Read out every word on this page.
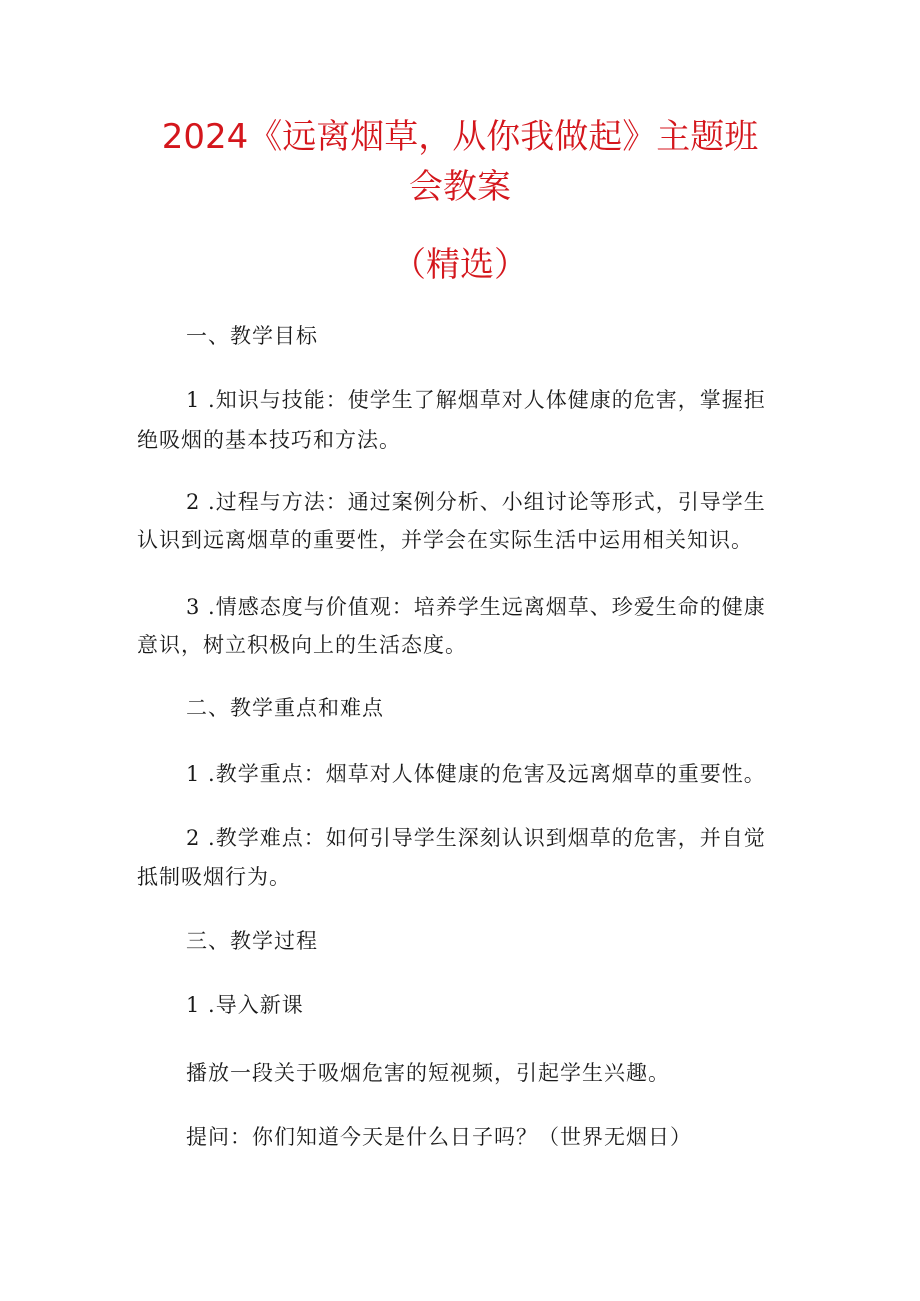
2024《远离烟草，从你我做起》主题班
会教案
（精选）
一、教学目标
1 .知识与技能：使学生了解烟草对人体健康的危害，掌握拒
绝吸烟的基本技巧和方法。
2 .过程与方法：通过案例分析、小组讨论等形式，引导学生
认识到远离烟草的重要性，并学会在实际生活中运用相关知识。
3 .情感态度与价值观：培养学生远离烟草、珍爱生命的健康
意识，树立积极向上的生活态度。
二、教学重点和难点
1 .教学重点：烟草对人体健康的危害及远离烟草的重要性。
2 .教学难点：如何引导学生深刻认识到烟草的危害，并自觉
抵制吸烟行为。
三、教学过程
1 .导入新课
播放一段关于吸烟危害的短视频，引起学生兴趣。
提问：你们知道今天是什么日子吗？（世界无烟日）
